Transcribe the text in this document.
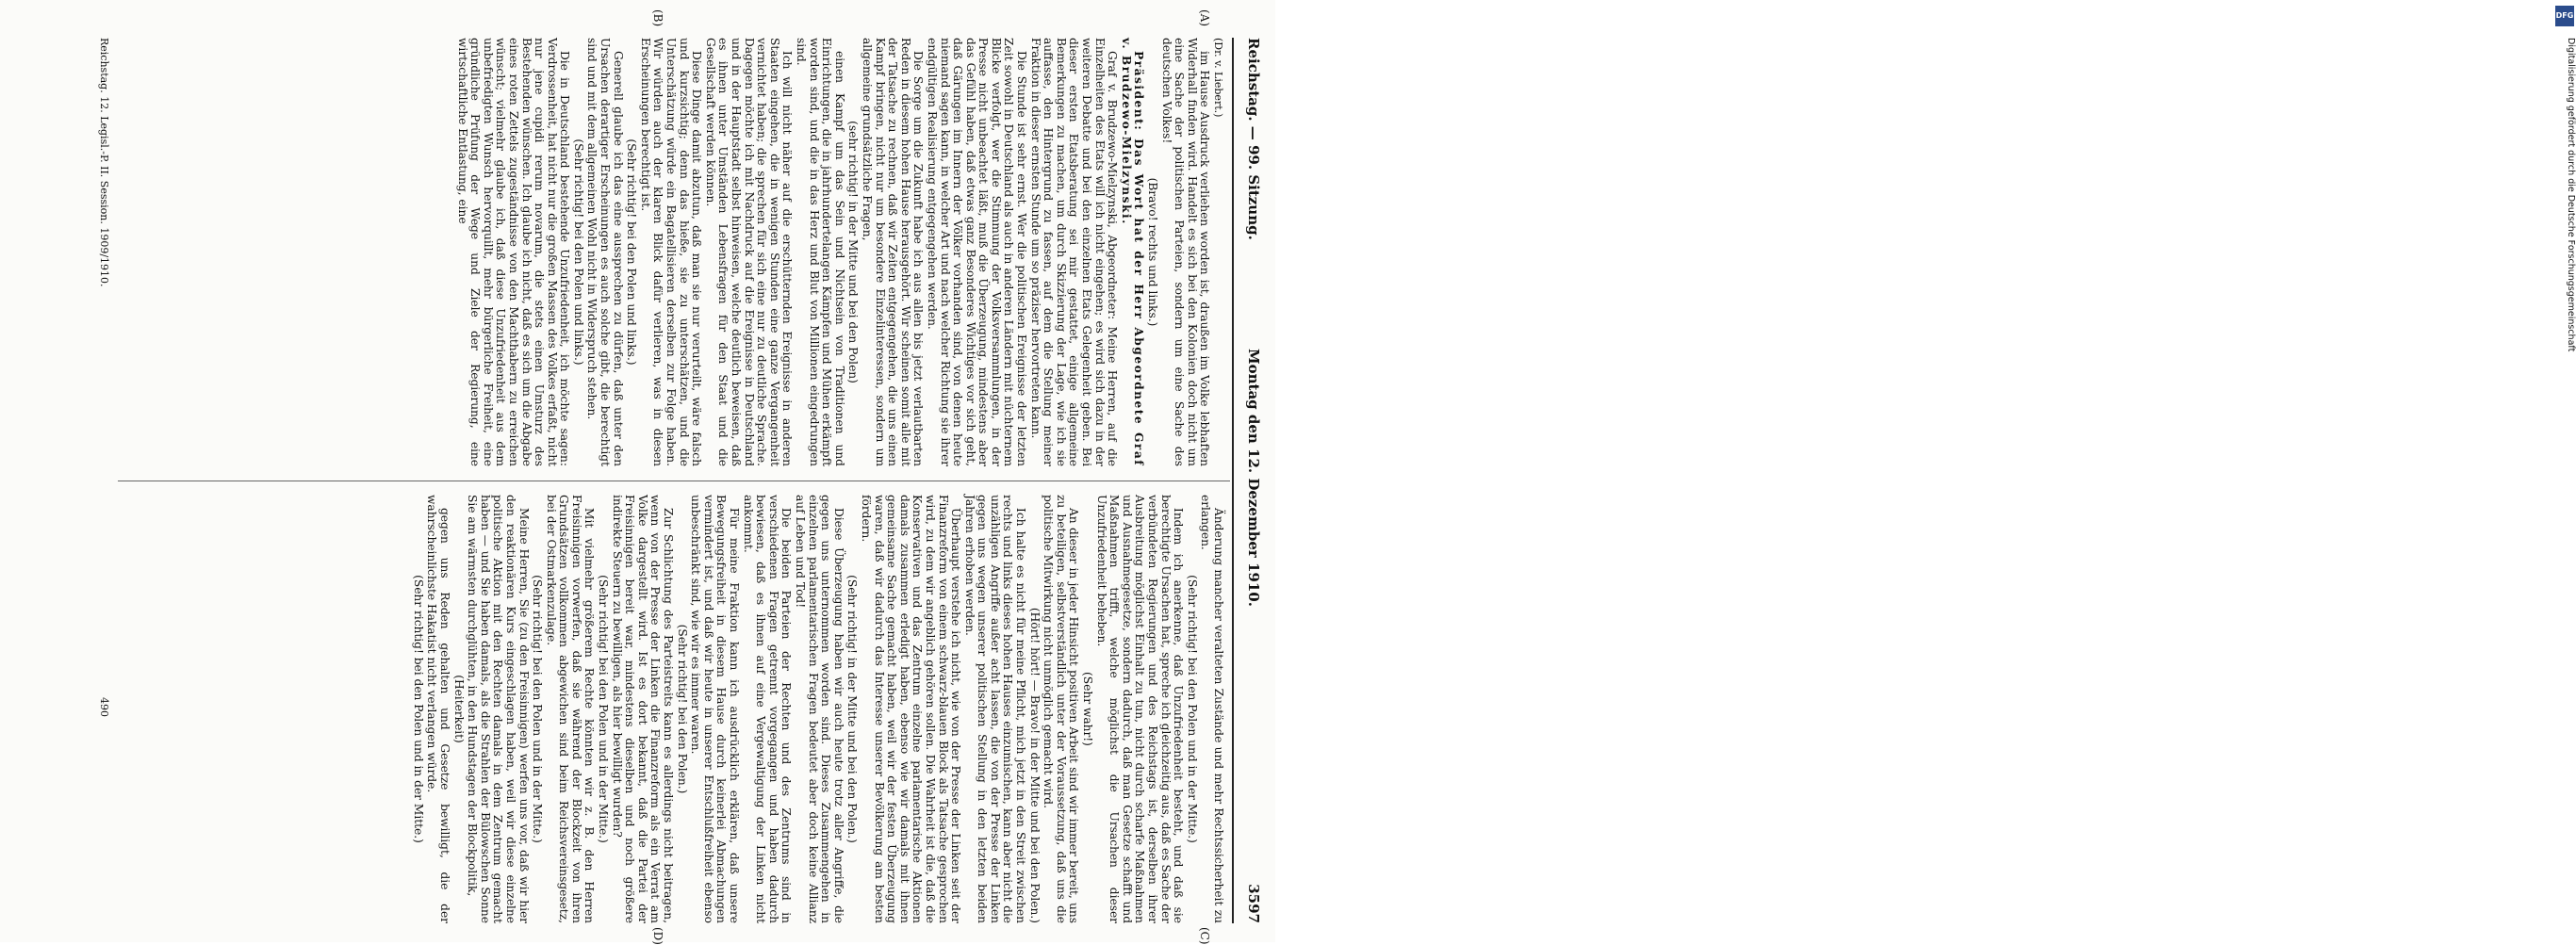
Reichstag. — 99. Sitzung.
Montag den 12. Dezember 1910.
3597

(Dr. v. Liebert.)

im Hause Ausdruck verliehen worden ist, draußen im Volke lebhaften Widerhall finden wird. Handelt es sich bei den Kolonien doch nicht um eine Sache der politischen Parteien, sondern um eine Sache des deutschen Volkes!

(Bravo! rechts und links.)

Präsident: Das Wort hat der Herr Abgeordnete Graf v. Brudzewo-Mielzynski.

Graf v. Brudzewo-Mielzynski, Abgeordneter: Meine Herren, auf die Einzelheiten des Etats will ich nicht eingehen; es wird sich dazu in der weiteren Debatte und bei den einzelnen Etats Gelegenheit geben. Bei dieser ersten Etatsberatung sei mir gestattet, einige allgemeine Bemerkungen zu machen, um durch Skizzierung der Lage, wie ich sie auffasse, den Hintergrund zu fassen, auf dem die Stellung meiner Fraktion in dieser ernsten Stunde um so präziser hervortreten kann.

Die Stunde ist sehr ernst. Wer die politischen Ereignisse der letzten Zeit sowohl in Deutschland als auch in anderen Ländern mit nüchternem Blicke verfolgt, wer die Stimmung der Volksversammlungen, in der Presse nicht unbeachtet läßt, muß die Überzeugung, mindestens aber das Gefühl haben, daß etwas ganz Besonderes Wichtiges vor sich geht, daß Gärungen im Innern der Völker vorhanden sind, von denen heute niemand sagen kann, in welcher Art und nach welcher Richtung sie ihrer endgültigen Realisierung entgegengehen werden.

Die Sorge um die Zukunft habe ich aus allen bis jetzt verlautbarten Reden in diesem hohen Hause herausgehört. Wir scheinen somit alle mit der Tatsache zu rechnen, daß wir Zeiten entgegengehen, die uns einen Kampf bringen, nicht nur um besondere Einzelinteressen, sondern um allgemeine grundsätzliche Fragen,

(sehr richtig! in der Mitte und bei den Polen)

einen Kampf um das Sein und Nichtsein von Traditionen und Einrichtungen, die in jahrhundertelangen Kämpfen und Mühen erkämpft worden sind, und die in das Herz und Blut von Millionen eingedrungen sind.

Ich will nicht näher auf die erschütternden Ereignisse in anderen Staaten eingehen, die in wenigen Stunden eine ganze Vergangenheit vernichtet haben; die sprechen für sich eine nur zu deutliche Sprache. Dagegen möchte ich mit Nachdruck auf die Ereignisse in Deutschland und in der Hauptstadt selbst hinweisen, welche deutlich beweisen, daß es ihnen unter Umständen Lebensfragen für den Staat und die Gesellschaft werden können.

Diese Dinge damit abzutun, daß man sie nur verurteilt, wäre falsch und kurzsichtig; denn das hieße, sie zu unterschätzen, und die Unterschätzung würde ein Bagatellisieren derselben zur Folge haben. Wir würden auch der klaren Blick dafür verlieren, was in diesen Erscheinungen berechtigt ist.

(Sehr richtig! bei den Polen und links.)

Generell glaube ich das eine aussprechen zu dürfen, daß unter den Ursachen derartiger Erscheinungen es auch solche gibt, die berechtigt sind und mit dem allgemeinen Wohl nicht in Widerspruch stehen.

(Sehr richtig! bei den Polen und links.)

Die in Deutschland bestehende Unzufriedenheit, ich möchte sagen: Verdrossenheit, hat nicht nur die großen Massen des Volkes erfaßt, nicht nur jene cupidi rerum novarum, die stets einen Umsturz des Bestehenden wünschen. Ich glaube ich nicht, daß es sich um die Abgabe eines roten Zettels zugeständnisse von den Machthabern zu erreichen wünscht; vielmehr glaube ich, daß diese Unzufriedenheit aus dem unbefriedigten Wunsch hervorquillt, mehr bürgerliche Freiheit, eine gründliche Prüfung der Wege und Ziele der Regierung, eine wirtschaftliche Entlastung, eine

Änderung mancher veralteten Zustände und mehr Rechtssicherheit zu erlangen.

(Sehr richtig! bei den Polen und in der Mitte.)

Indem ich anerkenne, daß Unzufriedenheit besteht, und daß sie berechtigte Ursachen hat, spreche ich gleichzeitig aus, daß es Sache der verbündeten Regierungen und des Reichstags ist, derselben ihrer Ausbreitung möglichst Einhalt zu tun, nicht durch scharfe Maßnahmen und Ausnahmegesetze, sondern dadurch, daß man Gesetze schafft und Maßnahmen trifft, welche möglichst die Ursachen dieser Unzufriedenheit beheben.

(Sehr wahr!)

An dieser in jeder Hinsicht positiven Arbeit sind wir immer bereit, uns zu beteiligen, selbstverständlich unter der Voraussetzung, daß uns die politische Mitwirkung nicht unmöglich gemacht wird.

(Hört! hört! — Bravo! in der Mitte und bei den Polen.)

Ich halte es nicht für meine Pflicht, mich jetzt in den Streit zwischen rechts und links dieses hohen Hauses einzumischen, kann aber nicht die unzähligen Angriffe außer acht lassen, die von der Presse der Linken gegen uns wegen unserer politischen Stellung in den letzten beiden Jahren erhoben werden.

Überhaupt verstehe ich nicht, wie von der Presse der Linken seit der Finanzreform von einem schwarz-blauen Block als Tatsache gesprochen wird, zu dem wir angeblich gehören sollen. Die Wahrheit ist die, daß die Konservativen und das Zentrum einzelne parlamentarische Aktionen damals zusammen erledigt haben, ebenso wie wir damals mit ihnen gemeinsame Sache gemacht haben, weil wir der festen Überzeugung waren, daß wir dadurch das Interesse unserer Bevölkerung am besten fördern.

(Sehr richtig! in der Mitte und bei den Polen.)

Diese Überzeugung haben wir auch heute trotz aller Angriffe, die gegen uns unternommen worden sind. Dieses Zusammengehen in einzelnen parlamentarischen Fragen bedeutet aber doch keine Allianz auf Leben und Tod!

Die beiden Parteien der Rechten und des Zentrums sind in verschiedenen Fragen getrennt vorgegangen und haben dadurch bewiesen, daß es ihnen auf eine Vergewaltigung der Linken nicht ankommt.

Für meine Fraktion kann ich ausdrücklich erklären, daß unsere Bewegungsfreiheit in diesem Hause durch keinerlei Abmachungen vermindert ist, und daß wir heute in unserer Entschlußfreiheit ebenso unbeschränkt sind, wie wir es immer waren.

(Sehr richtig! bei den Polen.)

Zur Schlichtung des Parteistreits kann es allerdings nicht beitragen, wenn von der Presse der Linken die Finanzreform als ein Verrat am Volke dargestellt wird. Ist es dort bekannt, daß die Partei der Freisinnigen bereit war, mindestens dieselben und noch größere indirekte Steuern zu bewilligen, als hier bewilligt wurden?

(Sehr richtig! bei den Polen und in der Mitte.)

Mit vielmehr größerem Rechte könnten wir z. B. den Herren Freisinnigen vorwerfen, daß sie während der Blockzeit von ihren Grundsätzen vollkommen abgewichen sind beim Reichsvereinsgesetz, bei der Ostmarkenzulage.

(Sehr richtig! bei den Polen und in der Mitte.)

Meine Herren, Sie (zu den Freisinnigen) werfen uns vor, daß wir hier den reaktionären Kurs eingeschlagen haben, weil wir diese einzelne politische Aktion mit den Rechten damals in dem Zentrum gemacht haben — und Sie haben damals, als die Strahlen der Bülowschen Sonne Sie am wärmsten durchglühten, in den Hundstagen der Blockpolitik,

(Heiterkeit)

gegen uns Reden gehalten und Gesetze bewilligt, die der wahrscheinlichste Hakatist nicht verlangen würde.

(Sehr richtig! bei den Polen und in der Mitte.)

(A)
(B)
(C)
(D)
Reichstag. 12. Legisl.-P. II. Session. 1909/1910.
490
DFG
Digitalisierung gefördert durch die Deutsche Forschungsgemeinschaft
